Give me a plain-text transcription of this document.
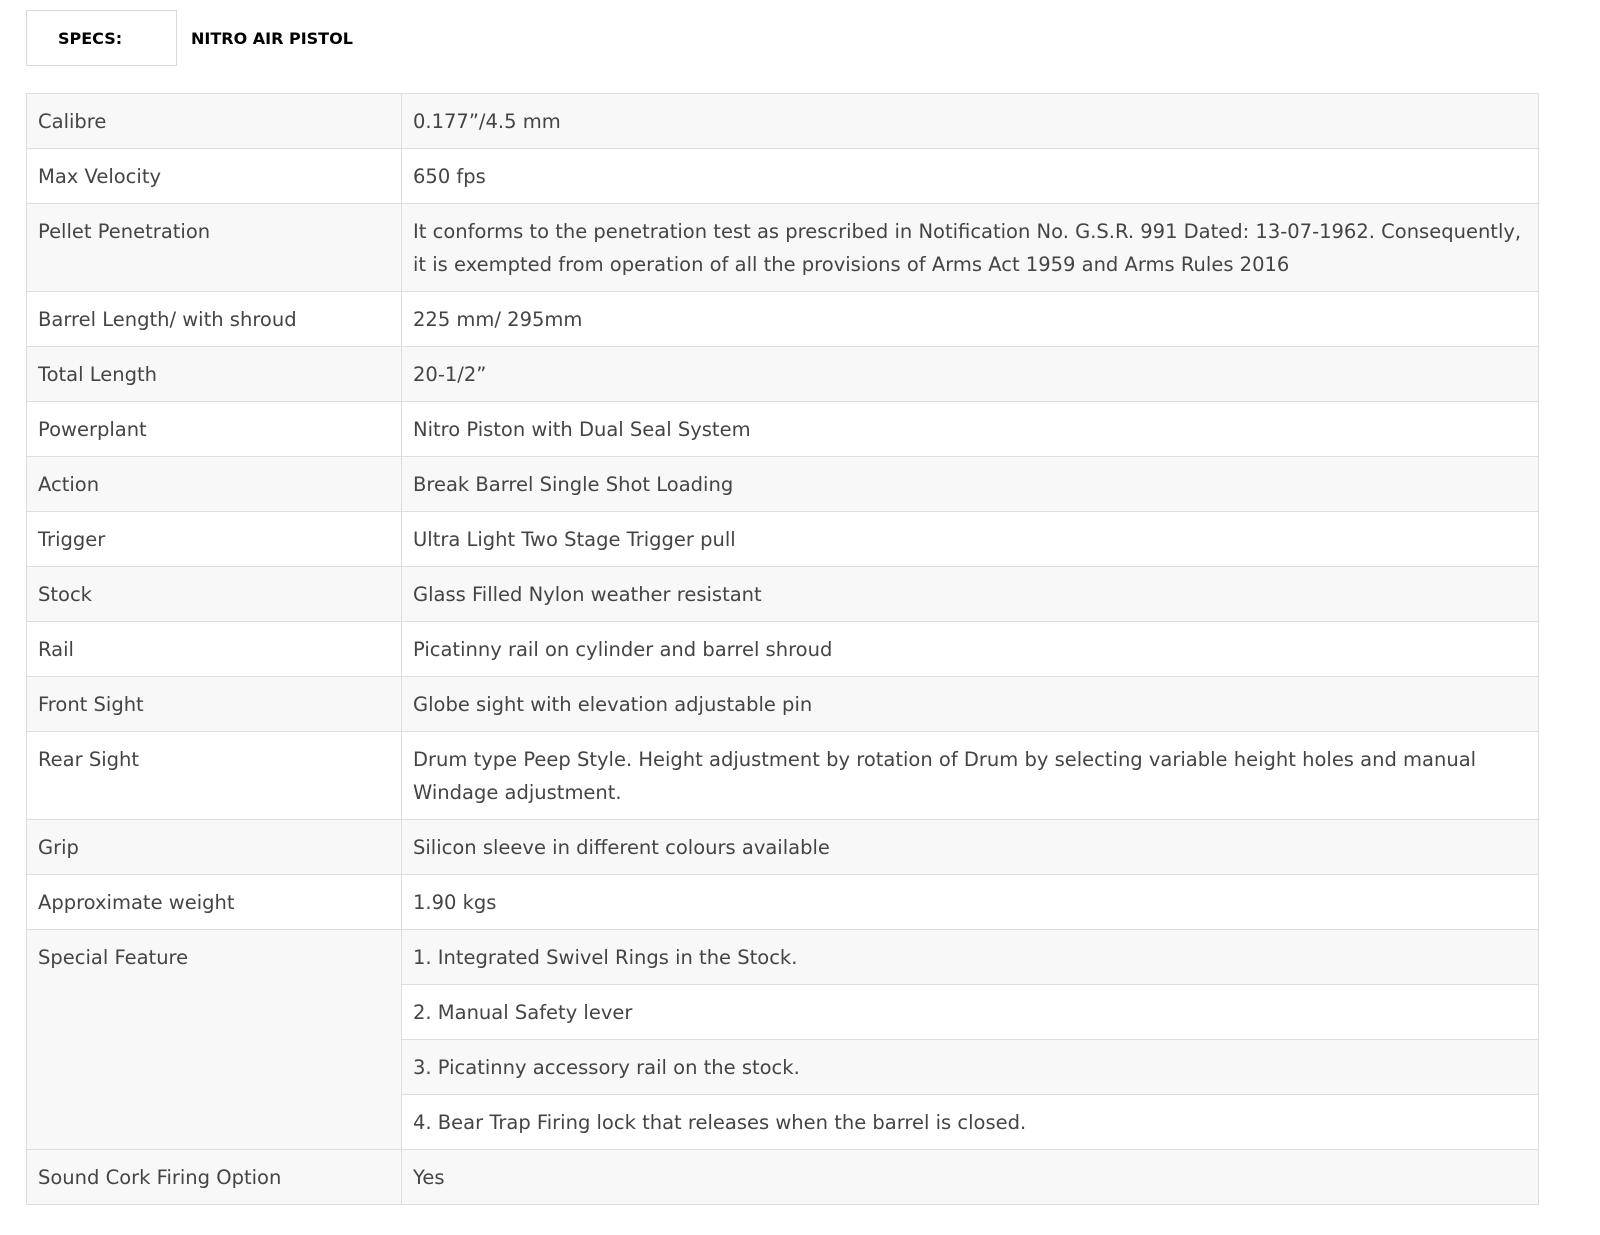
SPECS:	NITRO AIR PISTOL
Calibre	0.177”/4.5 mm
Max Velocity	650 fps
Pellet Penetration	It conforms to the penetration test as prescribed in Notification No. G.S.R. 991 Dated: 13-07-1962. Consequently, it is exempted from operation of all the provisions of Arms Act 1959 and Arms Rules 2016
Barrel Length/ with shroud	225 mm/ 295mm
Total Length	20-1/2”
Powerplant	Nitro Piston with Dual Seal System
Action	Break Barrel Single Shot Loading
Trigger	Ultra Light Two Stage Trigger pull
Stock	Glass Filled Nylon weather resistant
Rail	Picatinny rail on cylinder and barrel shroud
Front Sight	Globe sight with elevation adjustable pin
Rear Sight	Drum type Peep Style. Height adjustment by rotation of Drum by selecting variable height holes and manual Windage adjustment.
Grip	Silicon sleeve in different colours available
Approximate weight	1.90 kgs
Special Feature	1. Integrated Swivel Rings in the Stock.
	2. Manual Safety lever
	3. Picatinny accessory rail on the stock.
	4. Bear Trap Firing lock that releases when the barrel is closed.
Sound Cork Firing Option	Yes
